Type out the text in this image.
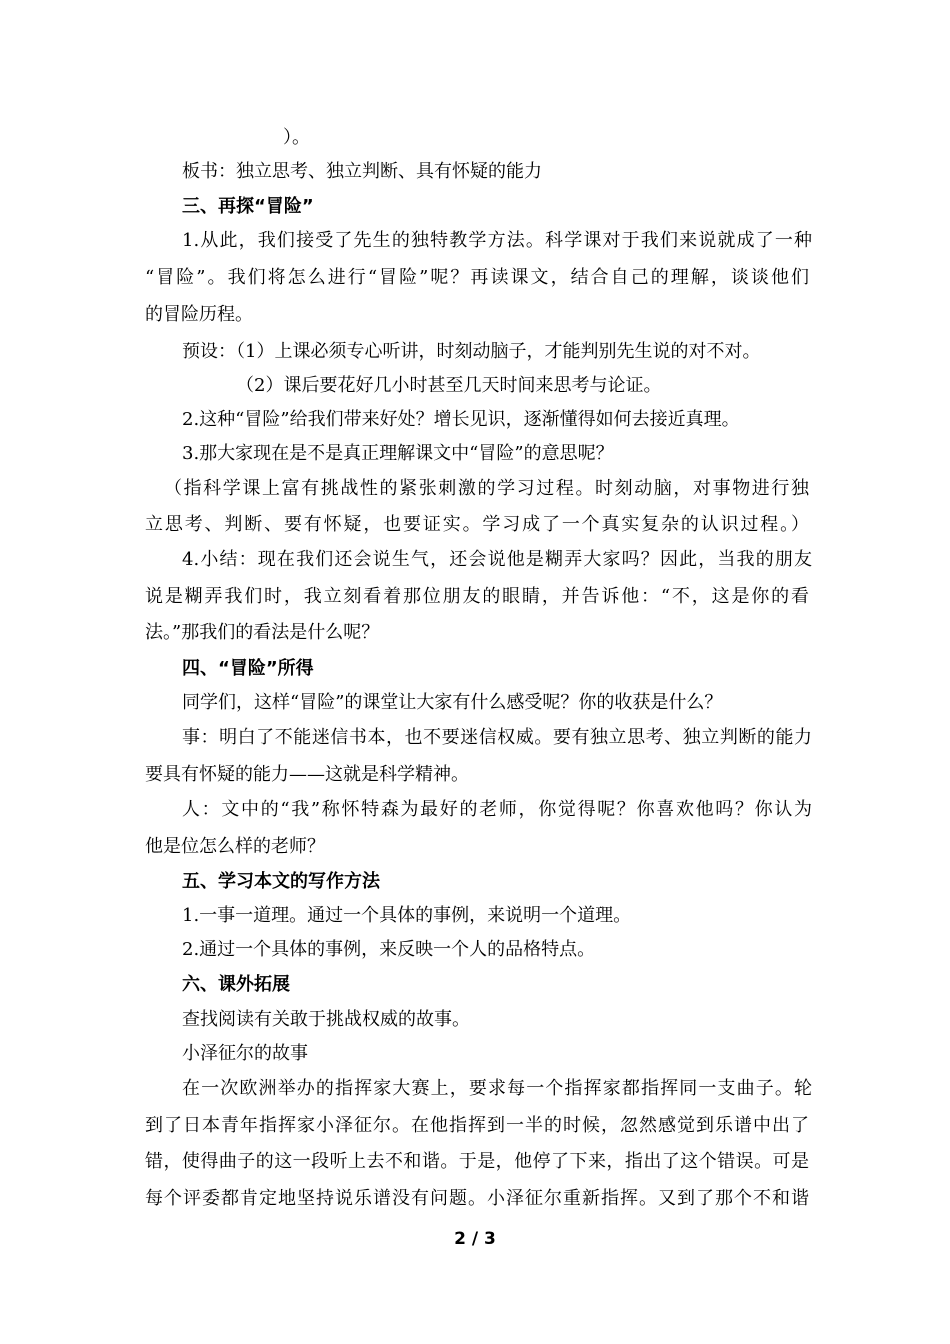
）。
板书：独立思考、独立判断、具有怀疑的能力
三、再探“冒险”
1.从此，我们接受了先生的独特教学方法。科学课对于我们来说就成了一种
“冒险”。我们将怎么进行“冒险”呢？再读课文，结合自己的理解，谈谈他们
的冒险历程。
预设：（1）上课必须专心听讲，时刻动脑子，才能判别先生说的对不对。
（2）课后要花好几小时甚至几天时间来思考与论证。
2.这种“冒险”给我们带来好处？增长见识，逐渐懂得如何去接近真理。
3.那大家现在是不是真正理解课文中“冒险”的意思呢？
（指科学课上富有挑战性的紧张刺激的学习过程。时刻动脑，对事物进行独
立思考、判断、要有怀疑，也要证实。学习成了一个真实复杂的认识过程。）
4.小结：现在我们还会说生气，还会说他是糊弄大家吗？因此，当我的朋友
说是糊弄我们时，我立刻看着那位朋友的眼睛，并告诉他：“不，这是你的看
法。”那我们的看法是什么呢？
四、“冒险”所得
同学们，这样“冒险”的课堂让大家有什么感受呢？你的收获是什么？
事：明白了不能迷信书本，也不要迷信权威。要有独立思考、独立判断的能力
要具有怀疑的能力——这就是科学精神。
人：文中的“我”称怀特森为最好的老师，你觉得呢？你喜欢他吗？你认为
他是位怎么样的老师？
五、学习本文的写作方法
1.一事一道理。通过一个具体的事例，来说明一个道理。
2.通过一个具体的事例，来反映一个人的品格特点。
六、课外拓展
查找阅读有关敢于挑战权威的故事。
小泽征尔的故事
在一次欧洲举办的指挥家大赛上，要求每一个指挥家都指挥同一支曲子。轮
到了日本青年指挥家小泽征尔。在他指挥到一半的时候，忽然感觉到乐谱中出了
错，使得曲子的这一段听上去不和谐。于是，他停了下来，指出了这个错误。可是
每个评委都肯定地坚持说乐谱没有问题。小泽征尔重新指挥。又到了那个不和谐
2 / 3
